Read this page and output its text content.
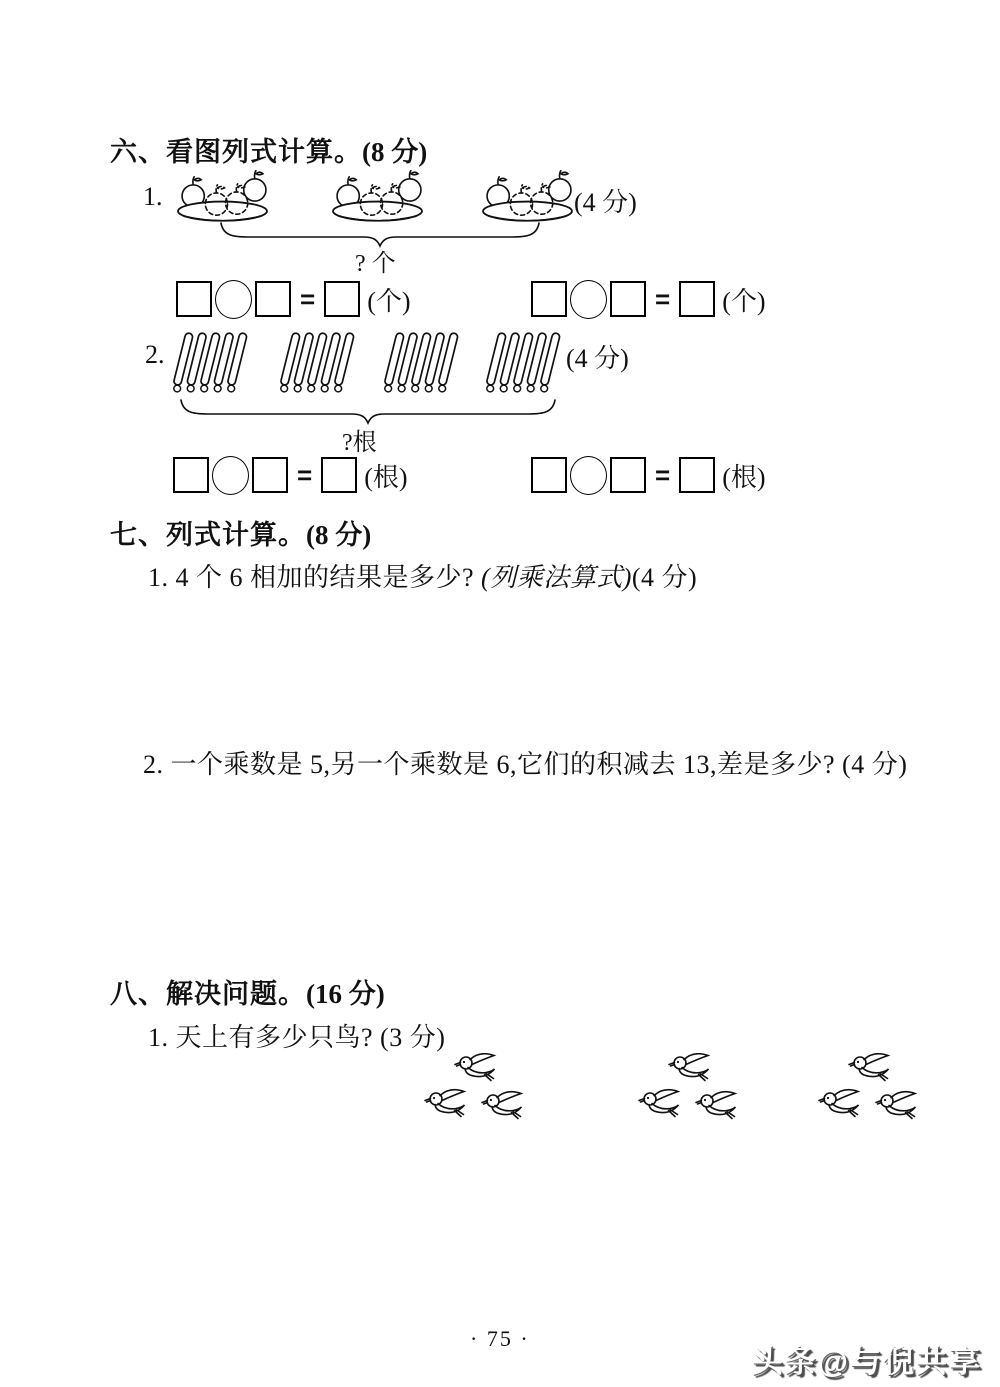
六、看图列式计算。(8 分)
1.	(4 分)
? 个
= (个)	= (个)
2.	(4 分)
?根
= (根)	= (根)
七、列式计算。(8 分)
1. 4 个 6 相加的结果是多少? (列乘法算式)(4 分)
2. 一个乘数是 5,另一个乘数是 6,它们的积减去 13,差是多少? (4 分)
八、解决问题。(16 分)
1. 天上有多少只鸟? (3 分)
· 75 ·
头条@与倪共享
